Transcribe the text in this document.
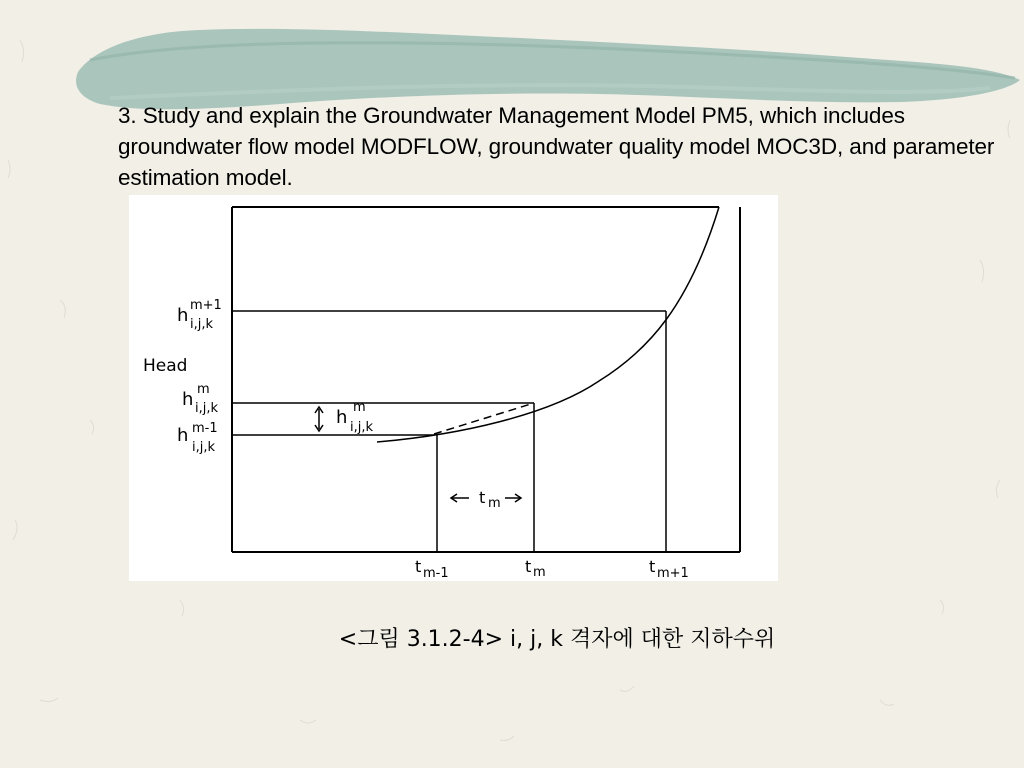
3. Study and explain the Groundwater Management Model PM5, which includes groundwater flow model MODFLOW, groundwater quality model MOC3D, and parameter estimation model.

Head
h m+1
i,j,k
h m
i,j,k
h m-1
i,j,k
h m
i,j,k
t m
t m-1	t m	t m+1

<그림 3.1.2-4> i, j, k 격자에 대한 지하수위
